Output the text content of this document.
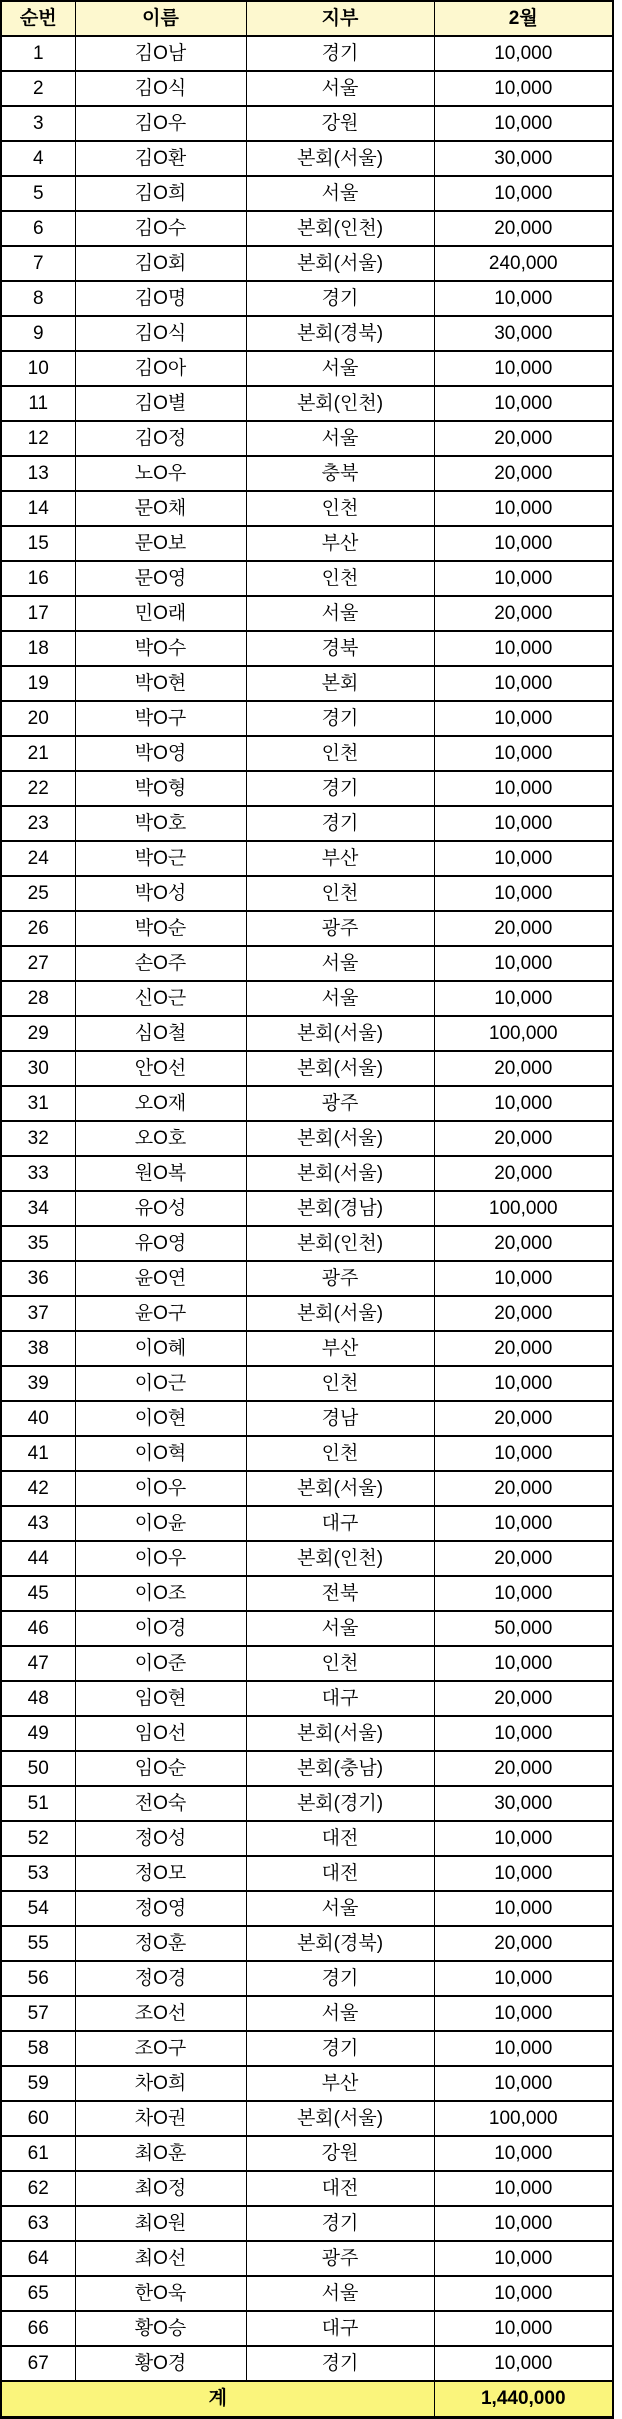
순번	이름	지부	2월
1	김O남	경기	10,000
2	김O식	서울	10,000
3	김O우	강원	10,000
4	김O환	본회(서울)	30,000
5	김O희	서울	10,000
6	김O수	본회(인천)	20,000
7	김O회	본회(서울)	240,000
8	김O명	경기	10,000
9	김O식	본회(경북)	30,000
10	김O아	서울	10,000
11	김O별	본회(인천)	10,000
12	김O정	서울	20,000
13	노O우	충북	20,000
14	문O채	인천	10,000
15	문O보	부산	10,000
16	문O영	인천	10,000
17	민O래	서울	20,000
18	박O수	경북	10,000
19	박O현	본회	10,000
20	박O구	경기	10,000
21	박O영	인천	10,000
22	박O형	경기	10,000
23	박O호	경기	10,000
24	박O근	부산	10,000
25	박O성	인천	10,000
26	박O순	광주	20,000
27	손O주	서울	10,000
28	신O근	서울	10,000
29	심O철	본회(서울)	100,000
30	안O선	본회(서울)	20,000
31	오O재	광주	10,000
32	오O호	본회(서울)	20,000
33	원O복	본회(서울)	20,000
34	유O성	본회(경남)	100,000
35	유O영	본회(인천)	20,000
36	윤O연	광주	10,000
37	윤O구	본회(서울)	20,000
38	이O혜	부산	20,000
39	이O근	인천	10,000
40	이O현	경남	20,000
41	이O혁	인천	10,000
42	이O우	본회(서울)	20,000
43	이O윤	대구	10,000
44	이O우	본회(인천)	20,000
45	이O조	전북	10,000
46	이O경	서울	50,000
47	이O준	인천	10,000
48	임O현	대구	20,000
49	임O선	본회(서울)	10,000
50	임O순	본회(충남)	20,000
51	전O숙	본회(경기)	30,000
52	정O성	대전	10,000
53	정O모	대전	10,000
54	정O영	서울	10,000
55	정O훈	본회(경북)	20,000
56	정O경	경기	10,000
57	조O선	서울	10,000
58	조O구	경기	10,000
59	차O희	부산	10,000
60	차O권	본회(서울)	100,000
61	최O훈	강원	10,000
62	최O정	대전	10,000
63	최O원	경기	10,000
64	최O선	광주	10,000
65	한O욱	서울	10,000
66	황O승	대구	10,000
67	황O경	경기	10,000
계			1,440,000
